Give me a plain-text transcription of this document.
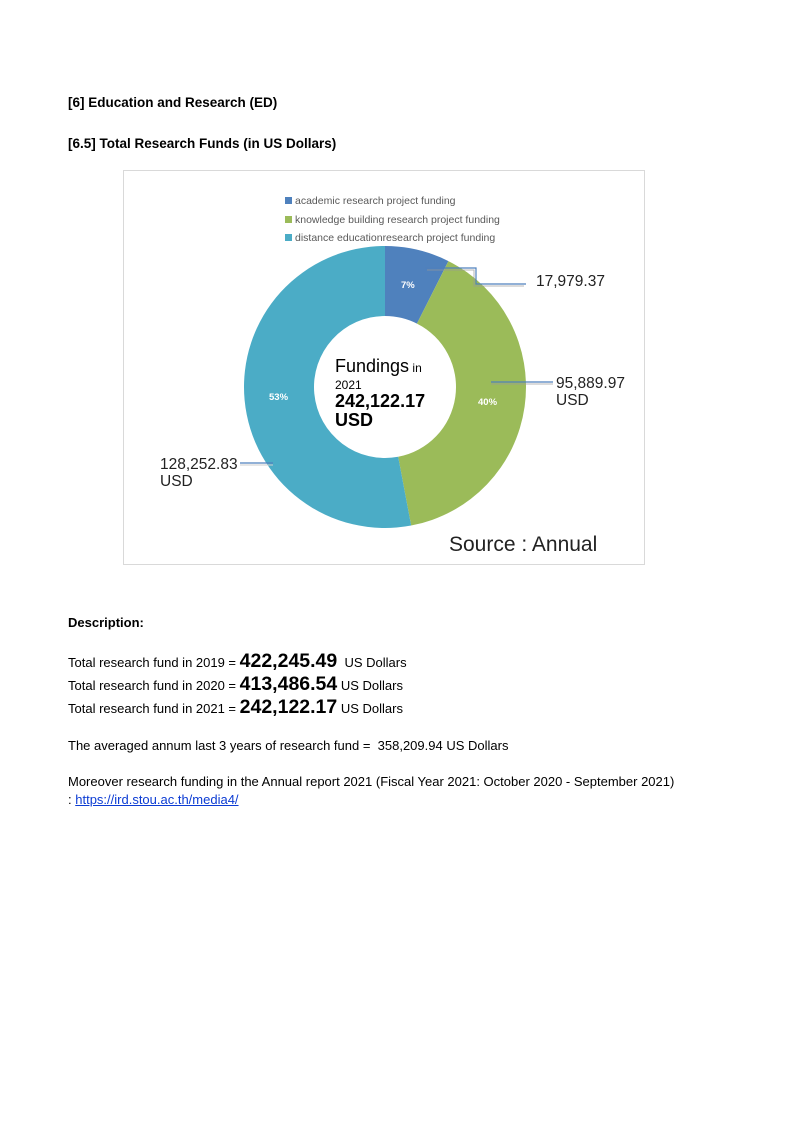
[6] Education and Research (ED)
[6.5] Total Research Funds (in US Dollars)
academic research project funding
knowledge building research project funding
distance educationresearch project funding
7%
40%
53%
17,979.37
95,889.97
USD
128,252.83
USD
Fundings in
2021
242,122.17
USD
Source : Annual
Description:
Total research fund in 2019 = 422,245.49  US Dollars
Total research fund in 2020 = 413,486.54 US Dollars
Total research fund in 2021 = 242,122.17 US Dollars
The averaged annum last 3 years of research fund =  358,209.94 US Dollars
Moreover research funding in the Annual report 2021 (Fiscal Year 2021: October 2020 - September 2021)
: https://ird.stou.ac.th/media4/
